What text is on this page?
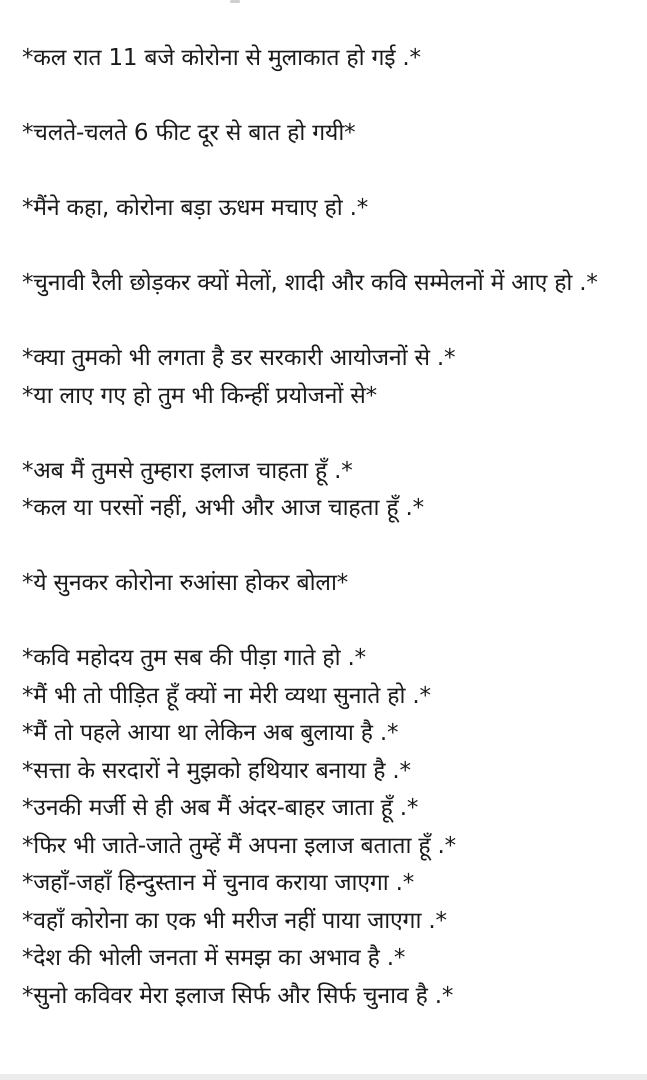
*कल रात 11 बजे कोरोना से मुलाकात हो गई .*
*चलते-चलते 6 फीट दूर से बात हो गयी*
*मैंने कहा, कोरोना बड़ा ऊधम मचाए हो .*
*चुनावी रैली छोड़कर क्यों मेलों, शादी और कवि सम्मेलनों में आए हो .*
*क्या तुमको भी लगता है डर सरकारी आयोजनों से .*
*या लाए गए हो तुम भी किन्हीं प्रयोजनों से*
*अब मैं तुमसे तुम्हारा इलाज चाहता हूँ .*
*कल या परसों नहीं, अभी और आज चाहता हूँ .*
*ये सुनकर कोरोना रुआंसा होकर बोला*
*कवि महोदय तुम सब की पीड़ा गाते हो .*
*मैं भी तो पीड़ित हूँ क्यों ना मेरी व्यथा सुनाते हो .*
*मैं तो पहले आया था लेकिन अब बुलाया है .*
*सत्ता के सरदारों ने मुझको हथियार बनाया है .*
*उनकी मर्जी से ही अब मैं अंदर-बाहर जाता हूँ .*
*फिर भी जाते-जाते तुम्हें मैं अपना इलाज बताता हूँ .*
*जहाँ-जहाँ हिन्दुस्तान में चुनाव कराया जाएगा .*
*वहाँ कोरोना का एक भी मरीज नहीं पाया जाएगा .*
*देश की भोली जनता में समझ का अभाव है .*
*सुनो कविवर मेरा इलाज सिर्फ और सिर्फ चुनाव है .*
